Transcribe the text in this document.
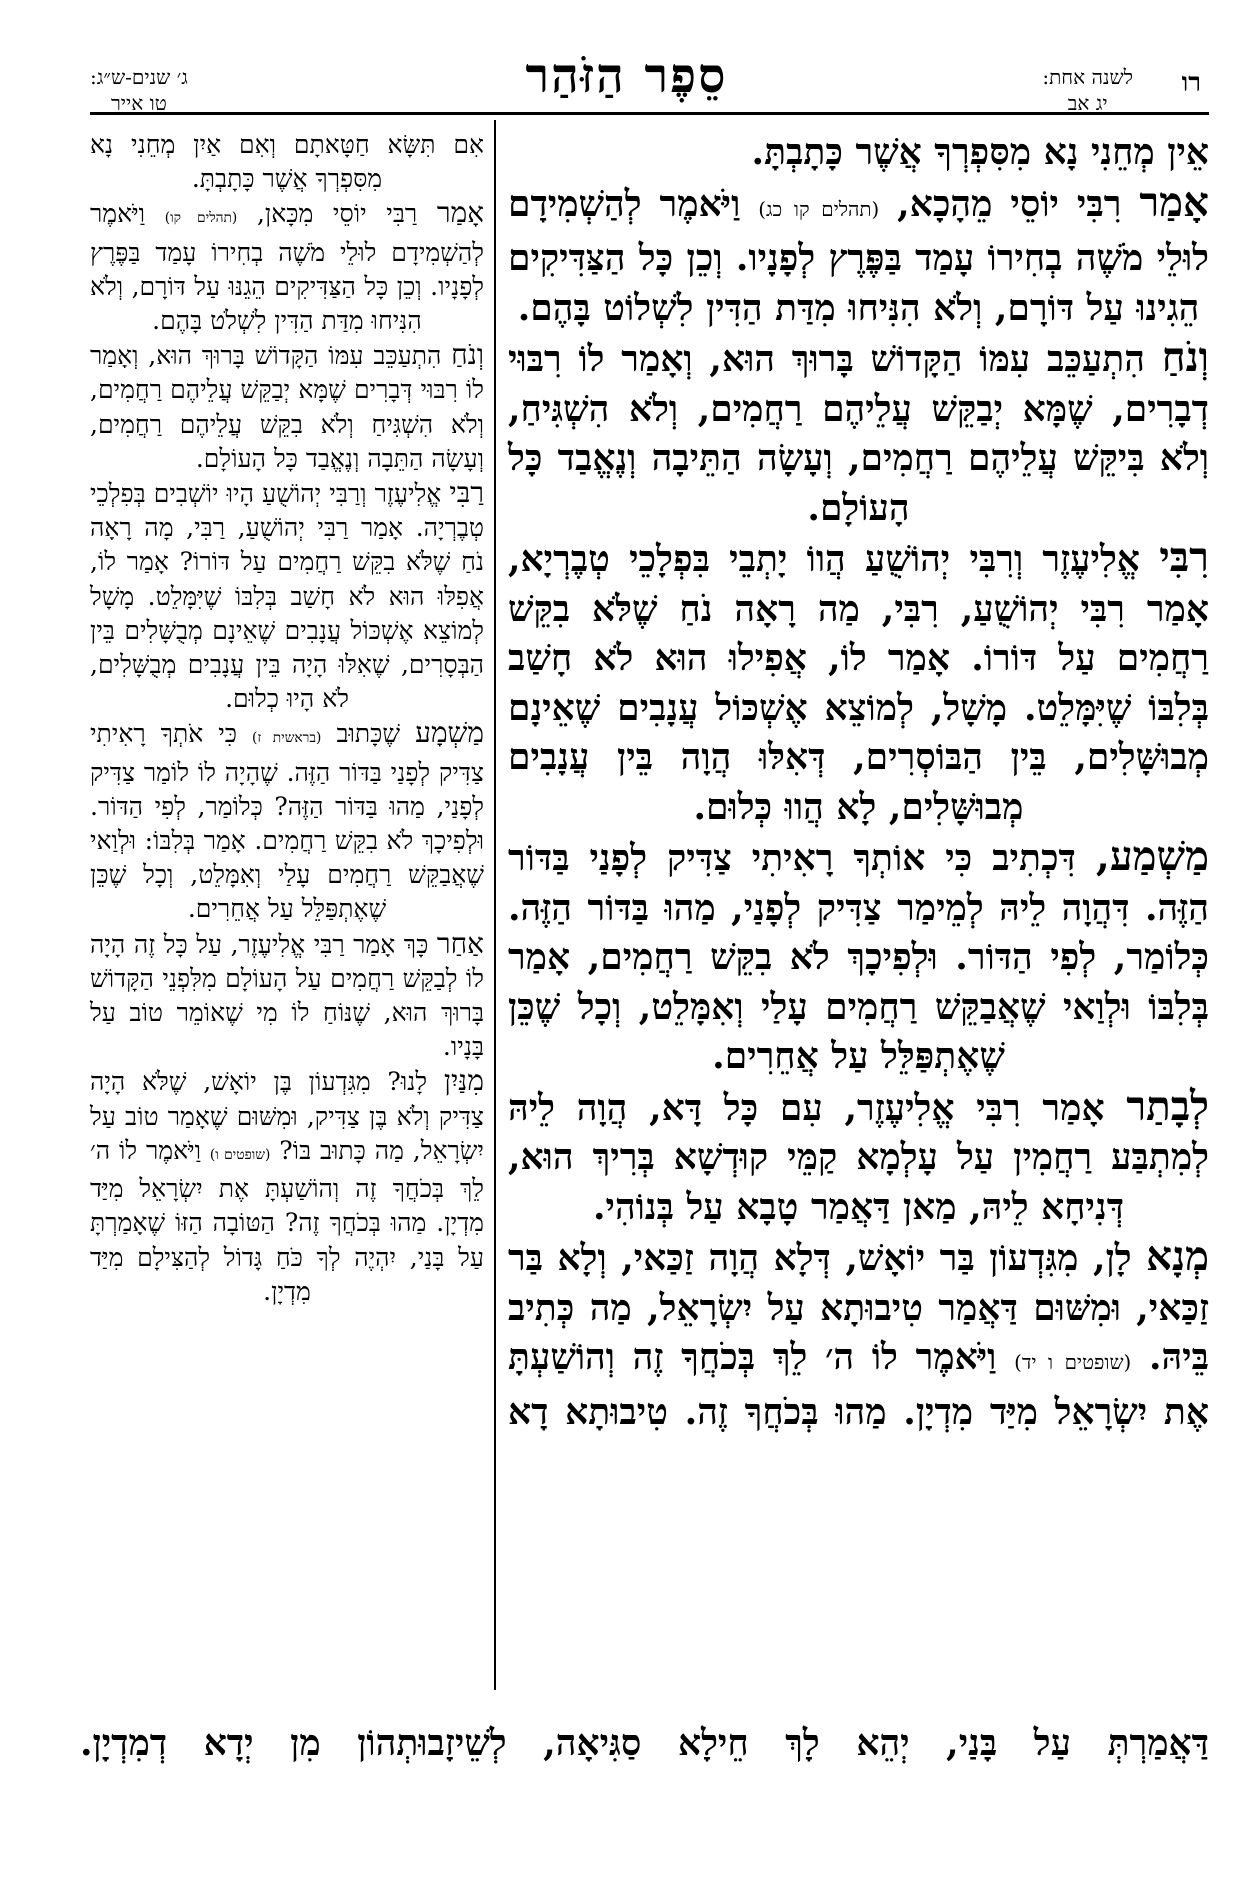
רו
לשנה אחת:
יג אב
סֵפֶר הַזֹּהַר
ג׳ שנים-ש״ג:
טו אייר

אֵין מְחֵנִי נָא מִסִּפְרְךָ אֲשֶׁר כָּתָבְתָּ.

אָמַר רִבִּי יוֹסֵי מֵהָכָא, (תהלים קו כג) וַיֹּאמֶר לְהַשְׁמִידָם לוּלֵי מֹשֶׁה בְחִירוֹ עָמַד בַּפֶּרֶץ לְפָנָיו. וְכֵן כָּל הַצַּדִּיקִים הֵגִינוּ עַל דּוֹרָם, וְלֹא הִנִּיחוּ מִדַּת הַדִּין לִשְׁלוֹט בָּהֶם.

וְנֹחַ הִתְעַכֵּב עִמּוֹ הַקָּדוֹשׁ בָּרוּךְ הוּא, וְאָמַר לוֹ רִבּוּי דְבָרִים, שֶׁמָּא יְבַקֵּשׁ עֲלֵיהֶם רַחֲמִים, וְלֹא הִשְׁגִּיחַ, וְלֹא בִּיקֵּשׁ עֲלֵיהֶם רַחֲמִים, וְעָשָׂה הַתֵּיבָה וְנֶאֱבַד כָּל הָעוֹלָם.

רִבִּי אֱלִיעֶזֶר וְרִבִּי יְהוֹשֻׁעַ הֲווֹ יָתְבֵי בִּפְלָכֵי טְבֶרְיָא, אָמַר רִבִּי יְהוֹשֻׁעַ, רִבִּי, מַה רָאָה נֹחַ שֶׁלֹּא בִקֵּשׁ רַחֲמִים עַל דּוֹרוֹ. אָמַר לוֹ, אֲפִילוּ הוּא לֹא חָשַׁב בְּלִבּוֹ שֶׁיִּמָּלֵט. מָשָׁל, לְמוֹצֵא אֶשְׁכּוֹל עֲנָבִים שֶׁאֵינָם מְבוּשָּׁלִים, בֵּין הַבּוֹסְרִים, דְּאִלּוּ הֲוָה בֵּין עֲנָבִים מְבוּשָּׁלִים, לָא הֲווּ כְּלוּם.

מַשְׁמַע, דִּכְתִיב כִּי אוֹתְךָ רָאִיתִי צַדִּיק לְפָנַי בַּדּוֹר הַזֶּה. דִּהֲוָה לֵיהּ לְמֵימַר צַדִּיק לְפָנַי, מַהוּ בַּדּוֹר הַזֶּה. כְּלוֹמַר, לְפִי הַדּוֹר. וּלְפִיכָךְ לֹא בִקֵּשׁ רַחֲמִים, אָמַר בְּלִבּוֹ וּלְוַאי שֶׁאֲבַקֵּשׁ רַחֲמִים עָלַי וְאִמָּלֵט, וְכָל שֶׁכֵּן שֶׁאֶתְפַּלֵּל עַל אֲחֵרִים.

לְבָתַר אָמַר רִבִּי אֱלִיעֶזֶר, עִם כָּל דָּא, הֲוָה לֵיהּ לְמִתְבַּע רַחֲמִין עַל עָלְמָא קַמֵּי קוּדְשָׁא בְּרִיךְ הוּא, דְּנִיחָא לֵיהּ, מַאן דַּאֲמַר טָבָא עַל בְּנוֹהִי.

מְנָא לָן, מִגִּדְעוֹן בַּר יוֹאָשׁ, דְּלָא הֲוָה זַכַּאי, וְלָא בַּר זַכַּאי, וּמִשּׁוּם דַּאֲמַר טִיבוּתָא עַל יִשְׂרָאֵל, מַה כְּתִיב בֵּיהּ. (שופטים ו יד) וַיֹּאמֶר לוֹ ה׳ לֵךְ בְּכֹחֲךָ זֶה וְהוֹשַׁעְתָּ אֶת יִשְׂרָאֵל מִיַּד מִדְיָן. מַהוּ בְּכֹחֲךָ זֶה. טִיבוּתָא דָא

אִם תִּשָּׂא חַטָּאתָם וְאִם אַיִן מְחֵנִי נָא מִסִּפְרְךָ אֲשֶׁר כָּתָבְתָּ.

אָמַר רַבִּי יוֹסֵי מִכָּאן, (תהלים קו) וַיֹּאמֶר לְהַשְׁמִידָם לוּלֵי מֹשֶׁה בְחִירוֹ עָמַד בַּפֶּרֶץ לְפָנָיו. וְכֵן כָּל הַצַּדִּיקִים הֵגֵנּוּ עַל דּוֹרָם, וְלֹא הִנִּיחוּ מִדַּת הַדִּין לִשְׁלֹט בָּהֶם.

וְנֹחַ הִתְעַכֵּב עִמּוֹ הַקָּדוֹשׁ בָּרוּךְ הוּא, וְאָמַר לוֹ רִבּוּי דְּבָרִים שֶׁמָּא יְבַקֵּשׁ עֲלֵיהֶם רַחֲמִים, וְלֹא הִשְׁגִּיחַ וְלֹא בִקֵּשׁ עֲלֵיהֶם רַחֲמִים, וְעָשָׂה הַתֵּבָה וְנֶאֱבַד כָּל הָעוֹלָם.

רַבִּי אֱלִיעֶזֶר וְרַבִּי יְהוֹשֻׁעַ הָיוּ יוֹשְׁבִים בְּפִלְכֵי טְבֶרְיָה. אָמַר רַבִּי יְהוֹשֻׁעַ, רַבִּי, מָה רָאָה נֹחַ שֶׁלֹּא בִקֵּשׁ רַחֲמִים עַל דּוֹרוֹ? אָמַר לוֹ, אֲפִלּוּ הוּא לֹא חָשַׁב בְּלִבּוֹ שֶׁיִּמָּלֵט. מָשָׁל לְמוֹצֵא אֶשְׁכּוֹל עֲנָבִים שֶׁאֵינָם מְבֻשָּׁלִים בֵּין הַבְּסָרִים, שֶׁאִלּוּ הָיָה בֵּין עֲנָבִים מְבֻשָּׁלִים, לֹא הָיוּ כְלוּם.

מַשְׁמָע שֶׁכָּתוּב (בראשית ז) כִּי אֹתְךָ רָאִיתִי צַדִּיק לְפָנַי בַּדּוֹר הַזֶּה. שֶׁהָיָה לוֹ לוֹמַר צַדִּיק לְפָנַי, מַהוּ בַּדּוֹר הַזֶּה? כְּלוֹמַר, לְפִי הַדּוֹר. וּלְפִיכָךְ לֹא בִקֵּשׁ רַחֲמִים. אָמַר בְּלִבּוֹ: וּלְוַאי שֶׁאֲבַקֵּשׁ רַחֲמִים עָלַי וְאִמָּלֵט, וְכָל שֶׁכֵּן שֶׁאֶתְפַּלֵּל עַל אֲחֵרִים.

אַחַר כָּךְ אָמַר רַבִּי אֱלִיעֶזֶר, עַל כָּל זֶה הָיָה לוֹ לְבַקֵּשׁ רַחֲמִים עַל הָעוֹלָם מִלִּפְנֵי הַקָּדוֹשׁ בָּרוּךְ הוּא, שֶׁנּוֹחַ לוֹ מִי שֶׁאוֹמֵר טוֹב עַל בָּנָיו.

מִנַּיִן לָנוּ? מִגִּדְעוֹן בֶּן יוֹאָשׁ, שֶׁלֹּא הָיָה צַדִּיק וְלֹא בֶּן צַדִּיק, וּמִשּׁוּם שֶׁאָמַר טוֹב עַל יִשְׂרָאֵל, מַה כָּתוּב בּוֹ? (שופטים ו) וַיֹּאמֶר לוֹ ה׳ לֵךְ בְּכֹחֲךָ זֶה וְהוֹשַׁעְתָּ אֶת יִשְׂרָאֵל מִיַּד מִדְיָן. מַהוּ בְּכֹחֲךָ זֶה? הַטּוֹבָה הַזּוֹ שֶׁאָמַרְתָּ עַל בָּנַי, יִהְיֶה לְךָ כֹּחַ גָּדוֹל לְהַצִּילָם מִיַּד מִדְיָן.

דַּאֲמַרְתְּ עַל בָּנַי, יְהֵא לָךְ חֵילָא סַגִּיאָה, לְשֵׁיזָבוּתְהוֹן מִן יְדָא דְמִדְיָן.
